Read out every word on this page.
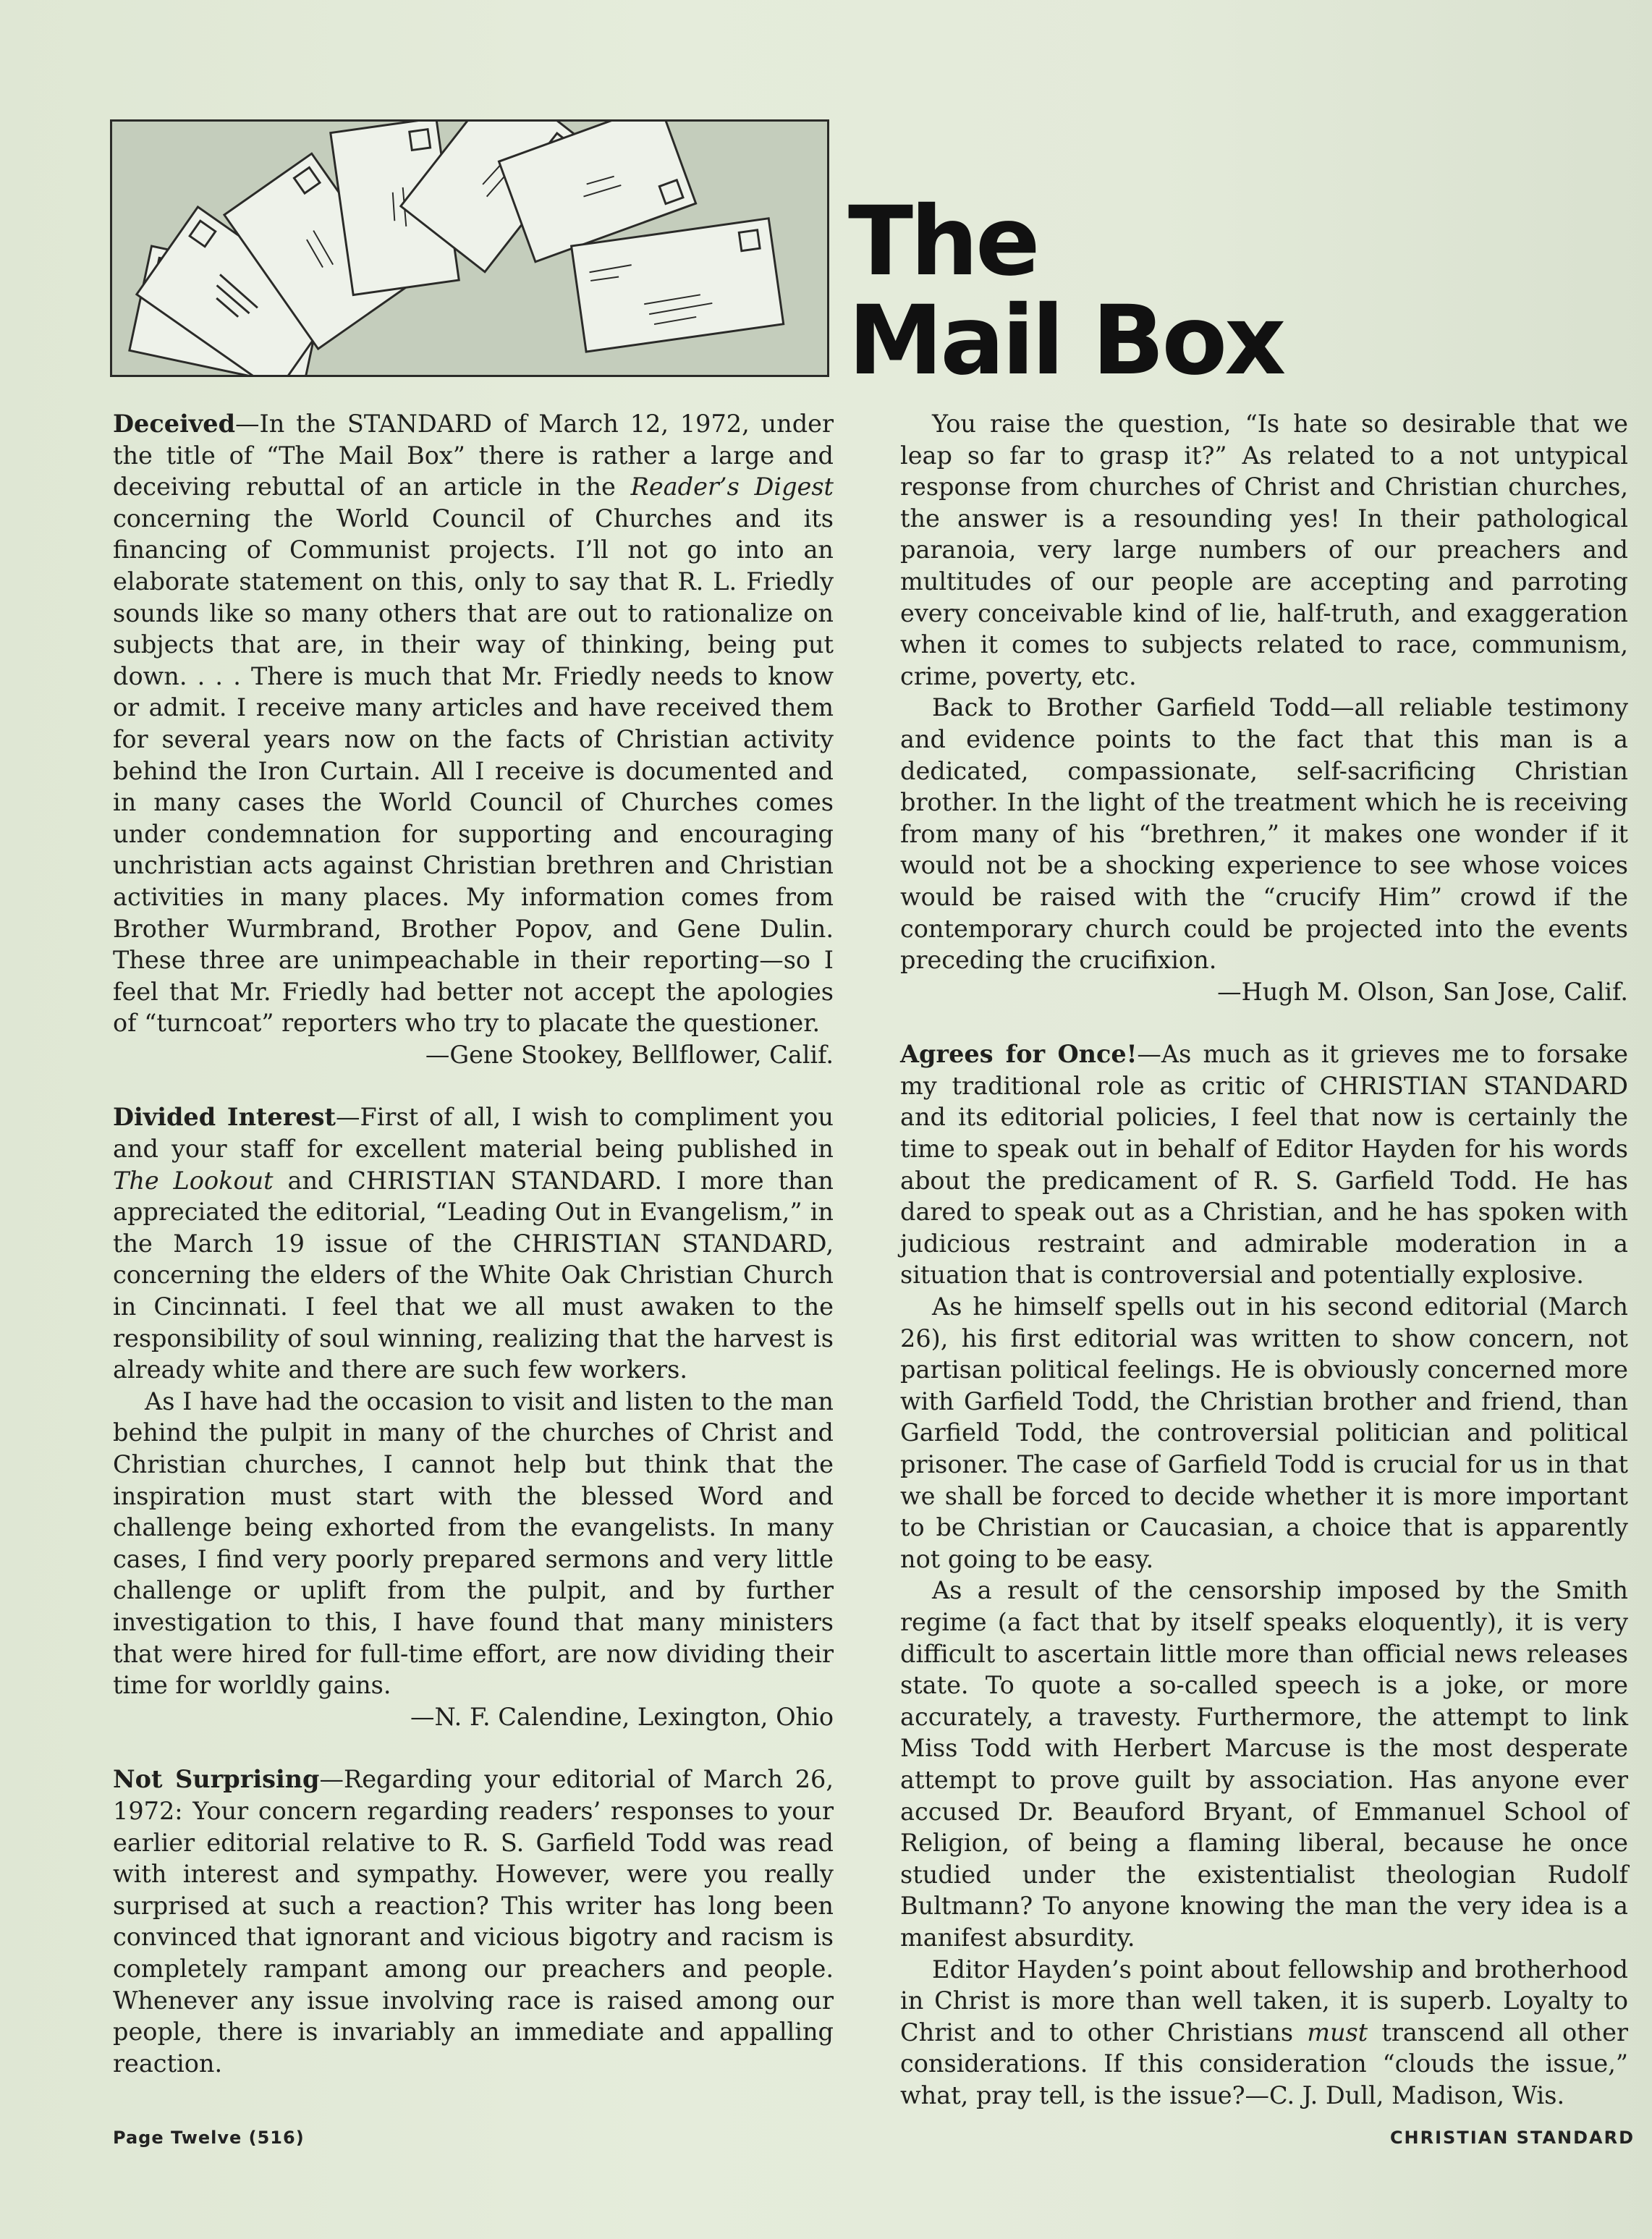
The
Mail Box

Deceived—In the STANDARD of March 12, 1972, under the title of “The Mail Box” there is rather a large and deceiving rebuttal of an article in the Reader’s Digest concerning the World Council of Churches and its financing of Communist projects. I’ll not go into an elaborate statement on this, only to say that R. L. Friedly sounds like so many others that are out to rationalize on subjects that are, in their way of thinking, being put down. . . . There is much that Mr. Friedly needs to know or admit. I receive many articles and have received them for several years now on the facts of Christian activity behind the Iron Curtain. All I receive is documented and in many cases the World Council of Churches comes under condemnation for supporting and encouraging unchristian acts against Christian brethren and Christian activities in many places. My information comes from Brother Wurmbrand, Brother Popov, and Gene Dulin. These three are unimpeachable in their reporting—so I feel that Mr. Friedly had better not accept the apologies of “turncoat” reporters who try to placate the questioner.

—Gene Stookey, Bellflower, Calif.

Divided Interest—First of all, I wish to compliment you and your staff for excellent material being published in The Lookout and CHRISTIAN STANDARD. I more than appreciated the editorial, “Leading Out in Evangelism,” in the March 19 issue of the CHRISTIAN STANDARD, concerning the elders of the White Oak Christian Church in Cincinnati. I feel that we all must awaken to the responsibility of soul winning, realizing that the harvest is already white and there are such few workers.

As I have had the occasion to visit and listen to the man behind the pulpit in many of the churches of Christ and Christian churches, I cannot help but think that the inspiration must start with the blessed Word and challenge being exhorted from the evangelists. In many cases, I find very poorly prepared sermons and very little challenge or uplift from the pulpit, and by further investigation to this, I have found that many ministers that were hired for full-time effort, are now dividing their time for worldly gains.

—N. F. Calendine, Lexington, Ohio

Not Surprising—Regarding your editorial of March 26, 1972: Your concern regarding readers’ responses to your earlier editorial relative to R. S. Garfield Todd was read with interest and sympathy. However, were you really surprised at such a reaction? This writer has long been convinced that ignorant and vicious bigotry and racism is completely rampant among our preachers and people. Whenever any issue involving race is raised among our people, there is invariably an immediate and appalling reaction.

You raise the question, “Is hate so desirable that we leap so far to grasp it?” As related to a not untypical response from churches of Christ and Christian churches, the answer is a resounding yes! In their pathological paranoia, very large numbers of our preachers and multitudes of our people are accepting and parroting every conceivable kind of lie, half-truth, and exaggeration when it comes to subjects related to race, communism, crime, poverty, etc.

Back to Brother Garfield Todd—all reliable testimony and evidence points to the fact that this man is a dedicated, compassionate, self-sacrificing Christian brother. In the light of the treatment which he is receiving from many of his “brethren,” it makes one wonder if it would not be a shocking experience to see whose voices would be raised with the “crucify Him” crowd if the contemporary church could be projected into the events preceding the crucifixion.

—Hugh M. Olson, San Jose, Calif.

Agrees for Once!—As much as it grieves me to forsake my traditional role as critic of CHRISTIAN STANDARD and its editorial policies, I feel that now is certainly the time to speak out in behalf of Editor Hayden for his words about the predicament of R. S. Garfield Todd. He has dared to speak out as a Christian, and he has spoken with judicious restraint and admirable moderation in a situation that is controversial and potentially explosive.

As he himself spells out in his second editorial (March 26), his first editorial was written to show concern, not partisan political feelings. He is obviously concerned more with Garfield Todd, the Christian brother and friend, than Garfield Todd, the controversial politician and political prisoner. The case of Garfield Todd is crucial for us in that we shall be forced to decide whether it is more important to be Christian or Caucasian, a choice that is apparently not going to be easy.

As a result of the censorship imposed by the Smith regime (a fact that by itself speaks eloquently), it is very difficult to ascertain little more than official news releases state. To quote a so-called speech is a joke, or more accurately, a travesty. Furthermore, the attempt to link Miss Todd with Herbert Marcuse is the most desperate attempt to prove guilt by association. Has anyone ever accused Dr. Beauford Bryant, of Emmanuel School of Religion, of being a flaming liberal, because he once studied under the existentialist theologian Rudolf Bultmann? To anyone knowing the man the very idea is a manifest absurdity.

Editor Hayden’s point about fellowship and brotherhood in Christ is more than well taken, it is superb. Loyalty to Christ and to other Christians must transcend all other considerations. If this consideration “clouds the issue,” what, pray tell, is the issue?—C. J. Dull, Madison, Wis.

Page Twelve (516)	CHRISTIAN STANDARD
